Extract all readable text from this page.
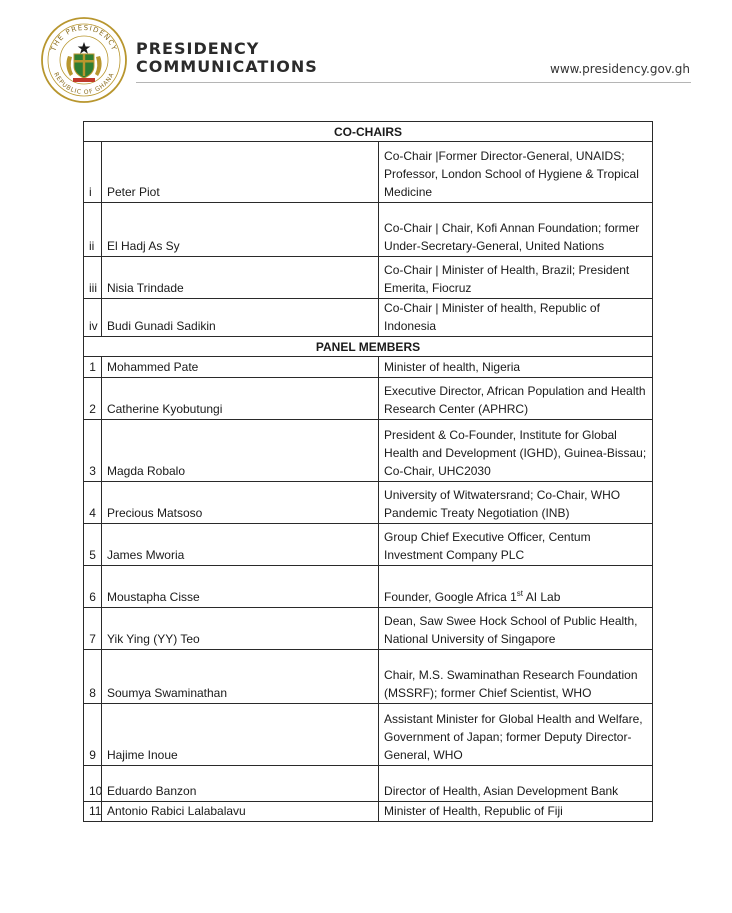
THE PRESIDENCY
REPUBLIC OF GHANA
PRESIDENCY
COMMUNICATIONS	www.presidency.gov.gh
CO-CHAIRS		
i	Peter Piot	Co-Chair |Former Director-General, UNAIDS; Professor, London School of Hygiene & Tropical Medicine
ii	El Hadj As Sy	Co-Chair | Chair, Kofi Annan Foundation; former Under-Secretary-General, United Nations
iii	Nisia Trindade	Co-Chair | Minister of Health, Brazil; President Emerita, Fiocruz
iv	Budi Gunadi Sadikin	Co-Chair | Minister of health, Republic of Indonesia
PANEL MEMBERS		
1	Mohammed Pate	Minister of health, Nigeria
2	Catherine Kyobutungi	Executive Director, African Population and Health Research Center (APHRC)
3	Magda Robalo	President & Co-Founder, Institute for Global Health and Development (IGHD), Guinea-Bissau; Co-Chair, UHC2030
4	Precious Matsoso	University of Witwatersrand; Co-Chair, WHO Pandemic Treaty Negotiation (INB)
5	James Mworia	Group Chief Executive Officer, Centum Investment Company PLC
6	Moustapha Cisse	Founder, Google Africa 1st AI Lab
7	Yik Ying (YY) Teo	Dean, Saw Swee Hock School of Public Health, National University of Singapore
8	Soumya Swaminathan	Chair, M.S. Swaminathan Research Foundation (MSSRF); former Chief Scientist, WHO
9	Hajime Inoue	Assistant Minister for Global Health and Welfare, Government of Japan; former Deputy Director-General, WHO
10	Eduardo Banzon	Director of Health, Asian Development Bank
11	Antonio Rabici Lalabalavu	Minister of Health, Republic of Fiji
